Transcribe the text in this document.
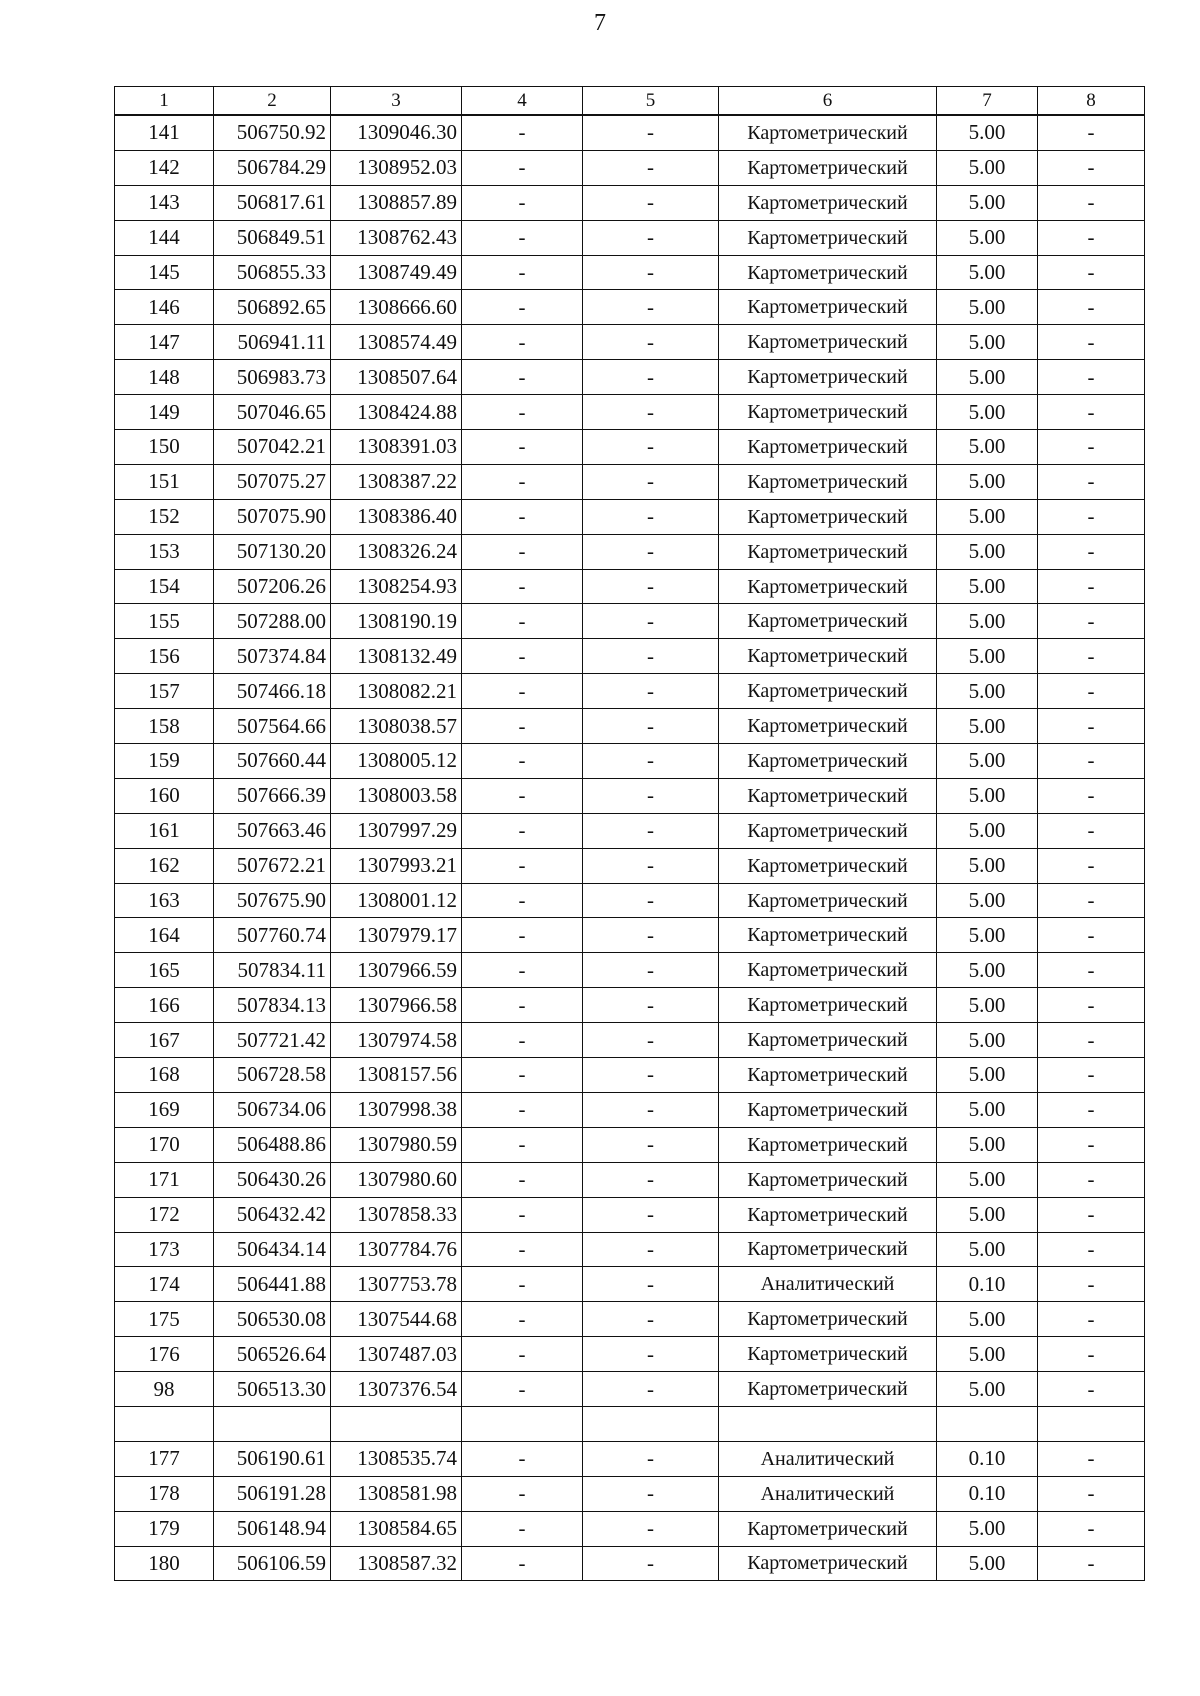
7
1	2	3	4	5	6	7	8
141	506750.92	1309046.30	-	-	Картометрический	5.00	-
142	506784.29	1308952.03	-	-	Картометрический	5.00	-
143	506817.61	1308857.89	-	-	Картометрический	5.00	-
144	506849.51	1308762.43	-	-	Картометрический	5.00	-
145	506855.33	1308749.49	-	-	Картометрический	5.00	-
146	506892.65	1308666.60	-	-	Картометрический	5.00	-
147	506941.11	1308574.49	-	-	Картометрический	5.00	-
148	506983.73	1308507.64	-	-	Картометрический	5.00	-
149	507046.65	1308424.88	-	-	Картометрический	5.00	-
150	507042.21	1308391.03	-	-	Картометрический	5.00	-
151	507075.27	1308387.22	-	-	Картометрический	5.00	-
152	507075.90	1308386.40	-	-	Картометрический	5.00	-
153	507130.20	1308326.24	-	-	Картометрический	5.00	-
154	507206.26	1308254.93	-	-	Картометрический	5.00	-
155	507288.00	1308190.19	-	-	Картометрический	5.00	-
156	507374.84	1308132.49	-	-	Картометрический	5.00	-
157	507466.18	1308082.21	-	-	Картометрический	5.00	-
158	507564.66	1308038.57	-	-	Картометрический	5.00	-
159	507660.44	1308005.12	-	-	Картометрический	5.00	-
160	507666.39	1308003.58	-	-	Картометрический	5.00	-
161	507663.46	1307997.29	-	-	Картометрический	5.00	-
162	507672.21	1307993.21	-	-	Картометрический	5.00	-
163	507675.90	1308001.12	-	-	Картометрический	5.00	-
164	507760.74	1307979.17	-	-	Картометрический	5.00	-
165	507834.11	1307966.59	-	-	Картометрический	5.00	-
166	507834.13	1307966.58	-	-	Картометрический	5.00	-
167	507721.42	1307974.58	-	-	Картометрический	5.00	-
168	506728.58	1308157.56	-	-	Картометрический	5.00	-
169	506734.06	1307998.38	-	-	Картометрический	5.00	-
170	506488.86	1307980.59	-	-	Картометрический	5.00	-
171	506430.26	1307980.60	-	-	Картометрический	5.00	-
172	506432.42	1307858.33	-	-	Картометрический	5.00	-
173	506434.14	1307784.76	-	-	Картометрический	5.00	-
174	506441.88	1307753.78	-	-	Аналитический	0.10	-
175	506530.08	1307544.68	-	-	Картометрический	5.00	-
176	506526.64	1307487.03	-	-	Картометрический	5.00	-
98	506513.30	1307376.54	-	-	Картометрический	5.00	-

177	506190.61	1308535.74	-	-	Аналитический	0.10	-
178	506191.28	1308581.98	-	-	Аналитический	0.10	-
179	506148.94	1308584.65	-	-	Картометрический	5.00	-
180	506106.59	1308587.32	-	-	Картометрический	5.00	-
